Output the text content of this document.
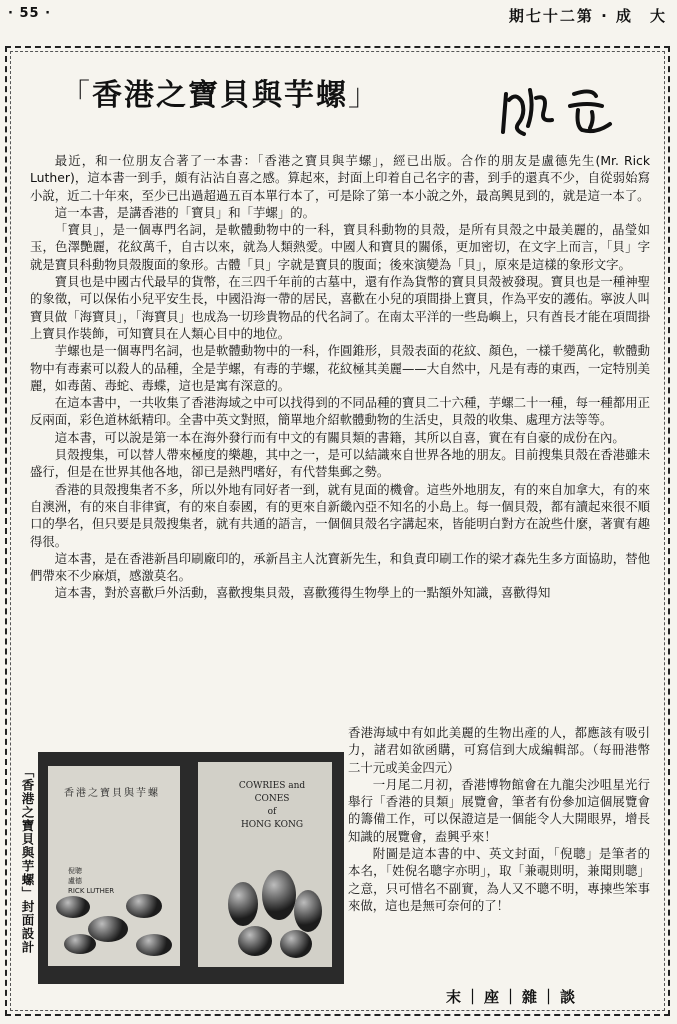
· 55 ·	期七十二第 · 成　大
「香港之寶貝與芋螺」

最近，和一位朋友合著了一本書：「香港之寶貝與芋螺」，經已出版。合作的朋友是盧德先生(Mr. Rick Luther)，這本書一到手，頗有沾沾自喜之感。算起來，封面上印着自己名字的書，到手的還真不少，自從弱始寫小說，近二十年來，至少已出過超過五百本單行本了，可是除了第一本小說之外，最高興見到的，就是這一本了。

這一本書，是講香港的「寶貝」和「芋螺」的。

「寶貝」，是一個專門名詞，是軟體動物中的一科，寶貝科動物的貝殼，是所有貝殼之中最美麗的，晶瑩如玉，色澤艷麗，花紋萬千，自古以來，就為人類熱愛。中國人和寶貝的關係，更加密切，在文字上而言，「貝」字就是寶貝科動物貝殼腹面的象形。古體「貝」字就是寶貝的腹面；後來演變為「貝」，原來是這樣的象形文字。

寶貝也是中國古代最早的貨幣，在三四千年前的古墓中，還有作為貨幣的寶貝貝殼被發現。寶貝也是一種神聖的象徵，可以保佑小兒平安生長，中國沿海一帶的居民，喜歡在小兒的項間掛上寶貝，作為平安的護佑。寧波人叫寶貝做「海寶貝」，「海寶貝」也成為一切珍貴物品的代名詞了。在南太平洋的一些島嶼上，只有酋長才能在項間掛上寶貝作裝飾，可知寶貝在人類心目中的地位。

芋螺也是一個專門名詞，也是軟體動物中的一科，作圓錐形，貝殼表面的花紋、顏色，一樣千變萬化，軟體動物中有毒素可以殺人的品種，全是芋螺，有毒的芋螺，花紋極其美麗——大自然中，凡是有毒的東西，一定特別美麗，如毒菌、毒蛇、毒蝶，這也是寓有深意的。

在這本書中，一共收集了香港海域之中可以找得到的不同品種的寶貝二十六種，芋螺二十一種，每一種都用正反兩面，彩色道林紙精印。全書中英文對照，簡單地介紹軟體動物的生活史，貝殼的收集、處理方法等等。

這本書，可以說是第一本在海外發行而有中文的有關貝類的書籍，其所以自喜，實在有自豪的成份在內。

貝殼搜集，可以替人帶來極度的樂趣，其中之一，是可以結識來自世界各地的朋友。目前搜集貝殼在香港雖未盛行，但是在世界其他各地，卻已是熱門嗜好，有代替集郵之勢。

香港的貝殼搜集者不多，所以外地有同好者一到，就有見面的機會。這些外地朋友，有的來自加拿大，有的來自澳洲，有的來自非律賓，有的來自泰國，有的更來自新畿內亞不知名的小島上。每一個貝殼，都有讀起來很不順口的學名，但只要是貝殼搜集者，就有共通的語言，一個個貝殼名字講起來，皆能明白對方在說些什麼，著實有趣得很。

這本書，是在香港新昌印刷廠印的，承新昌主人沈寶新先生，和負責印刷工作的梁才森先生多方面協助，替他們帶來不少麻煩，感激莫名。

這本書，對於喜歡戶外活動，喜歡搜集貝殼，喜歡獲得生物學上的一點額外知識，喜歡得知

香港海域中有如此美麗的生物出產的人，都應該有吸引力，諸君如欲函購，可寫信到大成編輯部。（每冊港幣二十元或美金四元）

一月尾二月初，香港博物館會在九龍尖沙咀星光行舉行「香港的貝類」展覽會，筆者有份參加這個展覽會的籌備工作，可以保證這是一個能令人大開眼界，增長知識的展覽會，盍興乎來！

附圖是這本書的中、英文封面，「倪聰」是筆者的本名，「姓倪名聰字亦明」，取「兼覗則明，兼聞則聰」之意，只可惜名不副實，為人又不聰不明，專揀些笨事來做，這也是無可奈何的了！

「香港之寶貝與芋螺」封面設計	香港之寶貝與芋螺
倪聰
盧德
RICK LUTHER
COWRIES and CONES
of
HONG KONG
末｜座｜雜｜談
